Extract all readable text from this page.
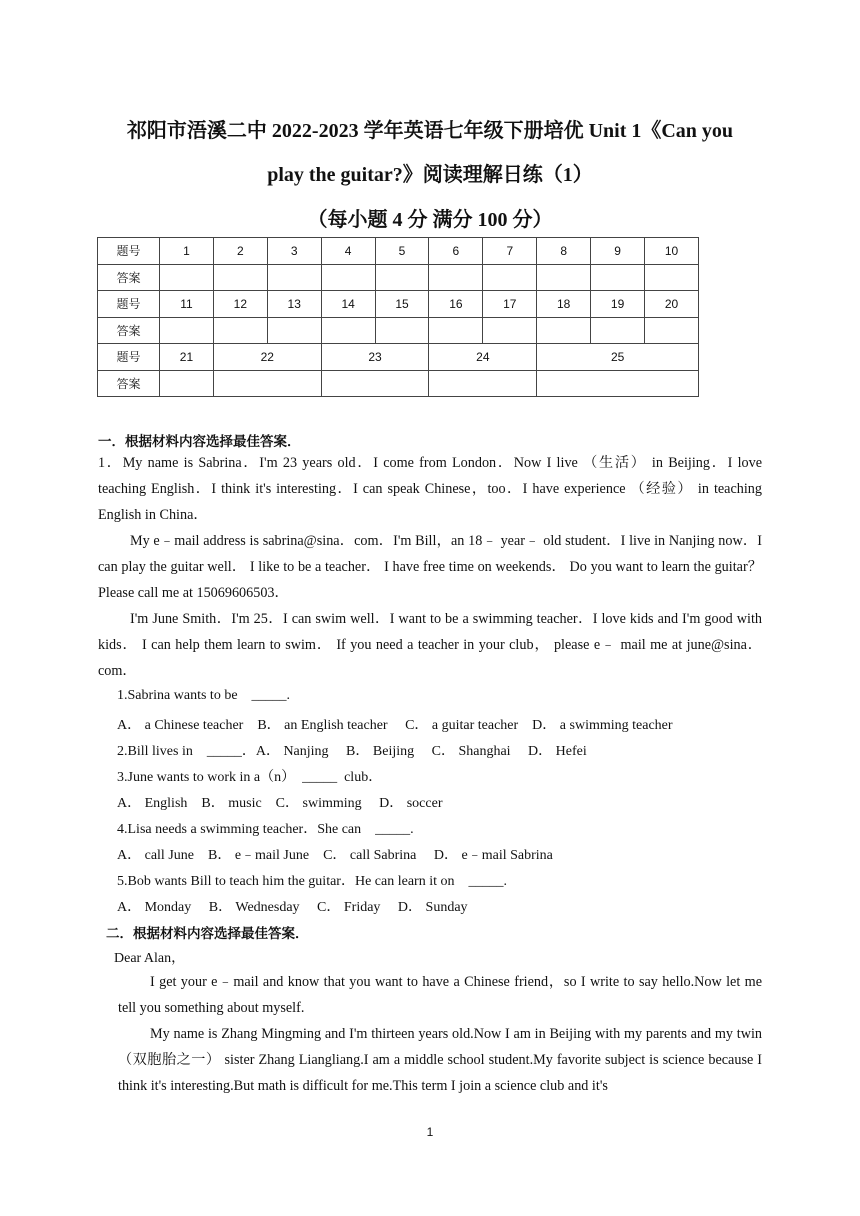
祁阳市浯溪二中 2022-2023 学年英语七年级下册培优 Unit 1《Can you
play the guitar?》阅读理解日练（1）
（每小题 4 分 满分 100 分）
题号	1	2	3	4	5	6	7	8	9	10
答案										
题号	11	12	13	14	15	16	17	18	19	20
答案										
题号	21	22		23		24		25		
答案										

一．根据材料内容选择最佳答案．

1．My name is Sabrina．I'm 23 years old．I come from London．Now I live （生活） in Beijing．I love teaching English．I think it's interesting．I can speak Chinese，too．I have experience （经验） in teaching English in China．

My e﹣mail address is sabrina@sina．com．I'm Bill，an 18﹣ year﹣ old student．I live in Nanjing now．I can play the guitar well． I like to be a teacher． I have free time on weekends． Do you want to learn the guitar？Please call me at 15069606503．

I'm June Smith．I'm 25．I can swim well．I want to be a swimming teacher．I love kids and I'm good with kids． I can help them learn to swim． If you need a teacher in your club， please e﹣ mail me at june@sina．com．

1.Sabrina wants to be    _____.

A． a Chinese teacher    B． an English teacher     C． a guitar teacher    D． a swimming teacher

2.Bill lives in    _____．A． Nanjing     B． Beijing     C． Shanghai     D． Hefei

3.June wants to work in a（n）  _____  club．

A． English    B． music    C． swimming     D． soccer

4.Lisa needs a swimming teacher．She can    _____.

A． call June    B． e﹣mail June    C． call Sabrina     D． e﹣mail Sabrina

5.Bob wants Bill to teach him the guitar．He can learn it on    _____.

A． Monday     B． Wednesday     C． Friday     D． Sunday

二．根据材料内容选择最佳答案．

Dear Alan，

I get your e﹣mail and know that you want to have a Chinese friend，so I write to say hello.Now let me tell you something about myself.

My name is Zhang Mingming and I'm thirteen years old.Now I am in Beijing with my parents and my twin（双胞胎之一） sister Zhang Liangliang.I am a middle school student.My favorite subject is science because I think it's interesting.But math is difficult for me.This term I join a science club and it's

1
